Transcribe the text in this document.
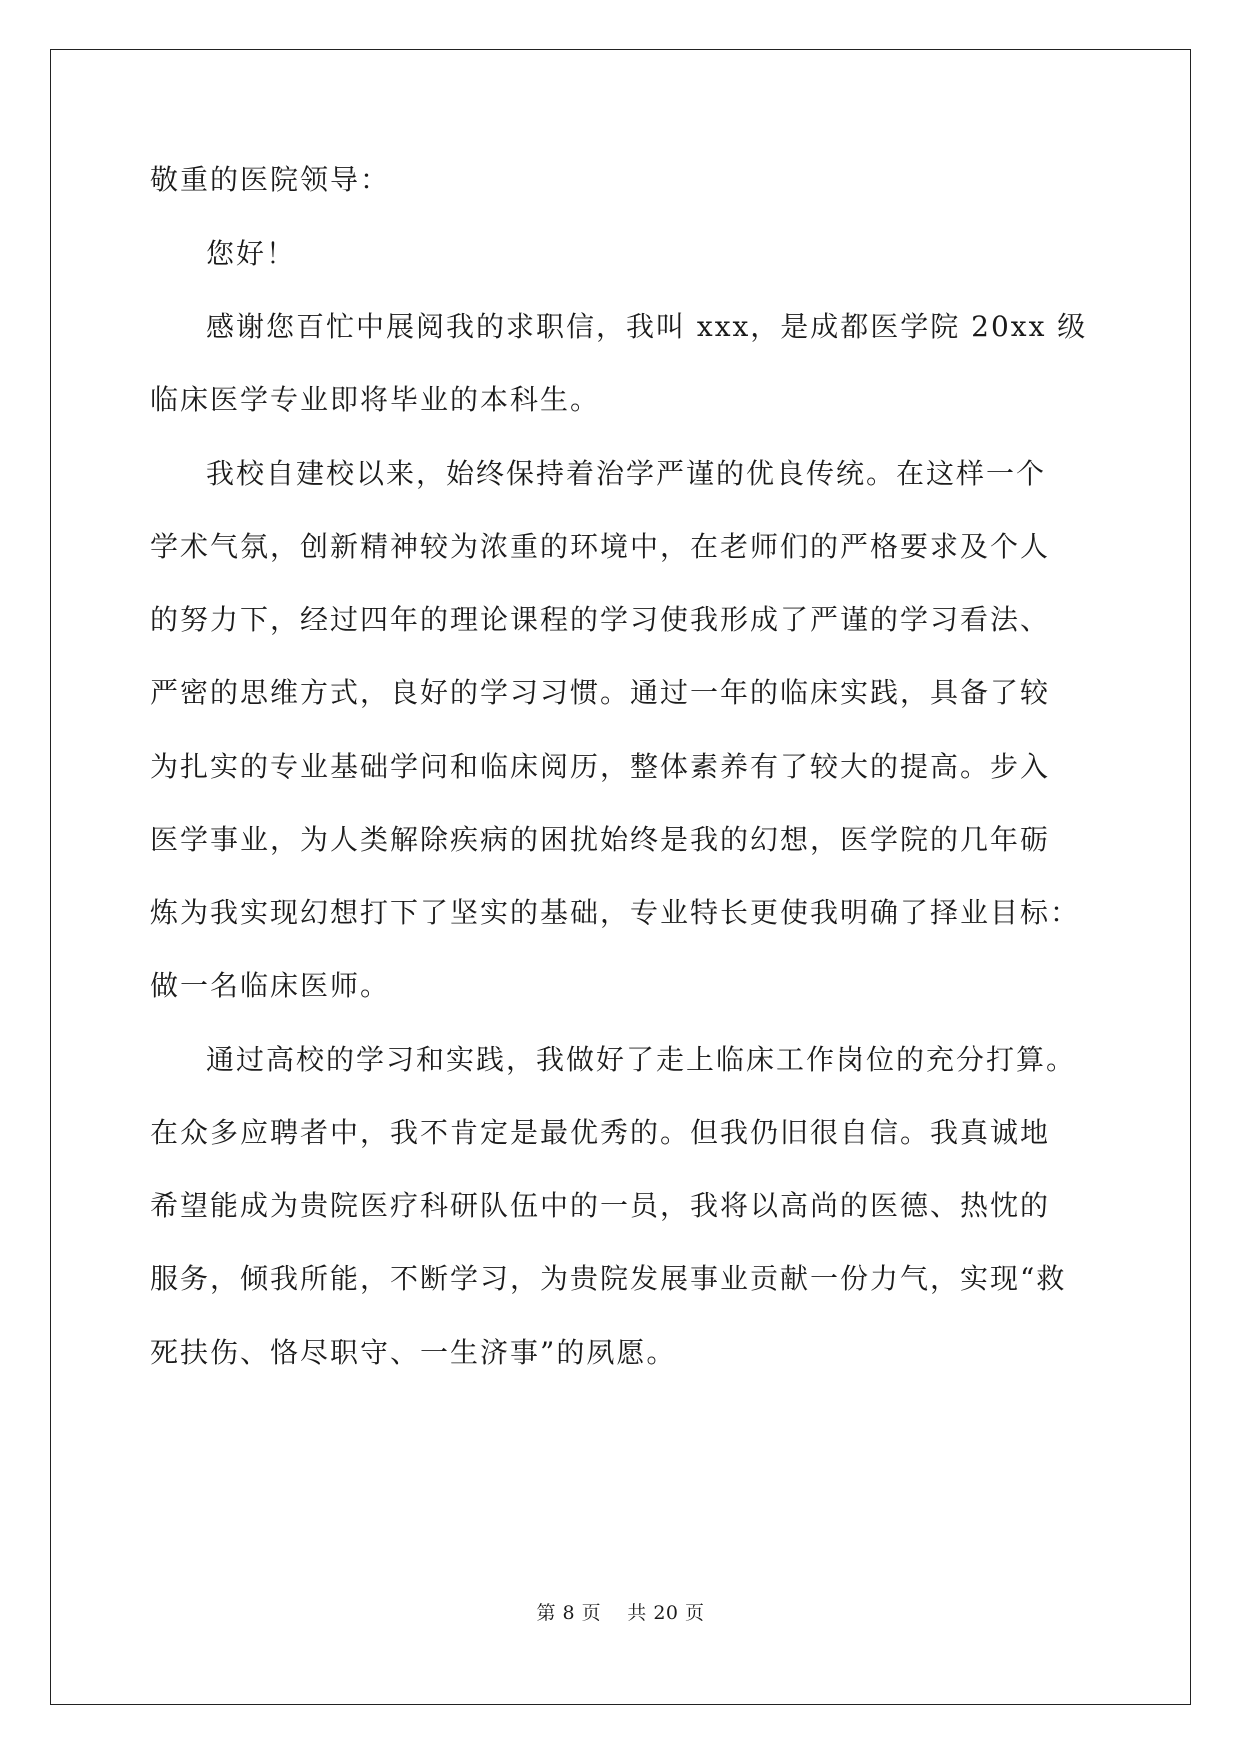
敬重的医院领导：
您好！
感谢您百忙中展阅我的求职信，我叫 xxx，是成都医学院 20xx 级
临床医学专业即将毕业的本科生。
我校自建校以来，始终保持着治学严谨的优良传统。在这样一个
学术气氛，创新精神较为浓重的环境中，在老师们的严格要求及个人
的努力下，经过四年的理论课程的学习使我形成了严谨的学习看法、
严密的思维方式，良好的学习习惯。通过一年的临床实践，具备了较
为扎实的专业基础学问和临床阅历，整体素养有了较大的提高。步入
医学事业，为人类解除疾病的困扰始终是我的幻想，医学院的几年砺
炼为我实现幻想打下了坚实的基础，专业特长更使我明确了择业目标：
做一名临床医师。
通过高校的学习和实践，我做好了走上临床工作岗位的充分打算。
在众多应聘者中，我不肯定是最优秀的。但我仍旧很自信。我真诚地
希望能成为贵院医疗科研队伍中的一员，我将以高尚的医德、热忱的
服务，倾我所能，不断学习，为贵院发展事业贡献一份力气，实现“救
死扶伤、恪尽职守、一生济事”的夙愿。
第 8 页    共 20 页
